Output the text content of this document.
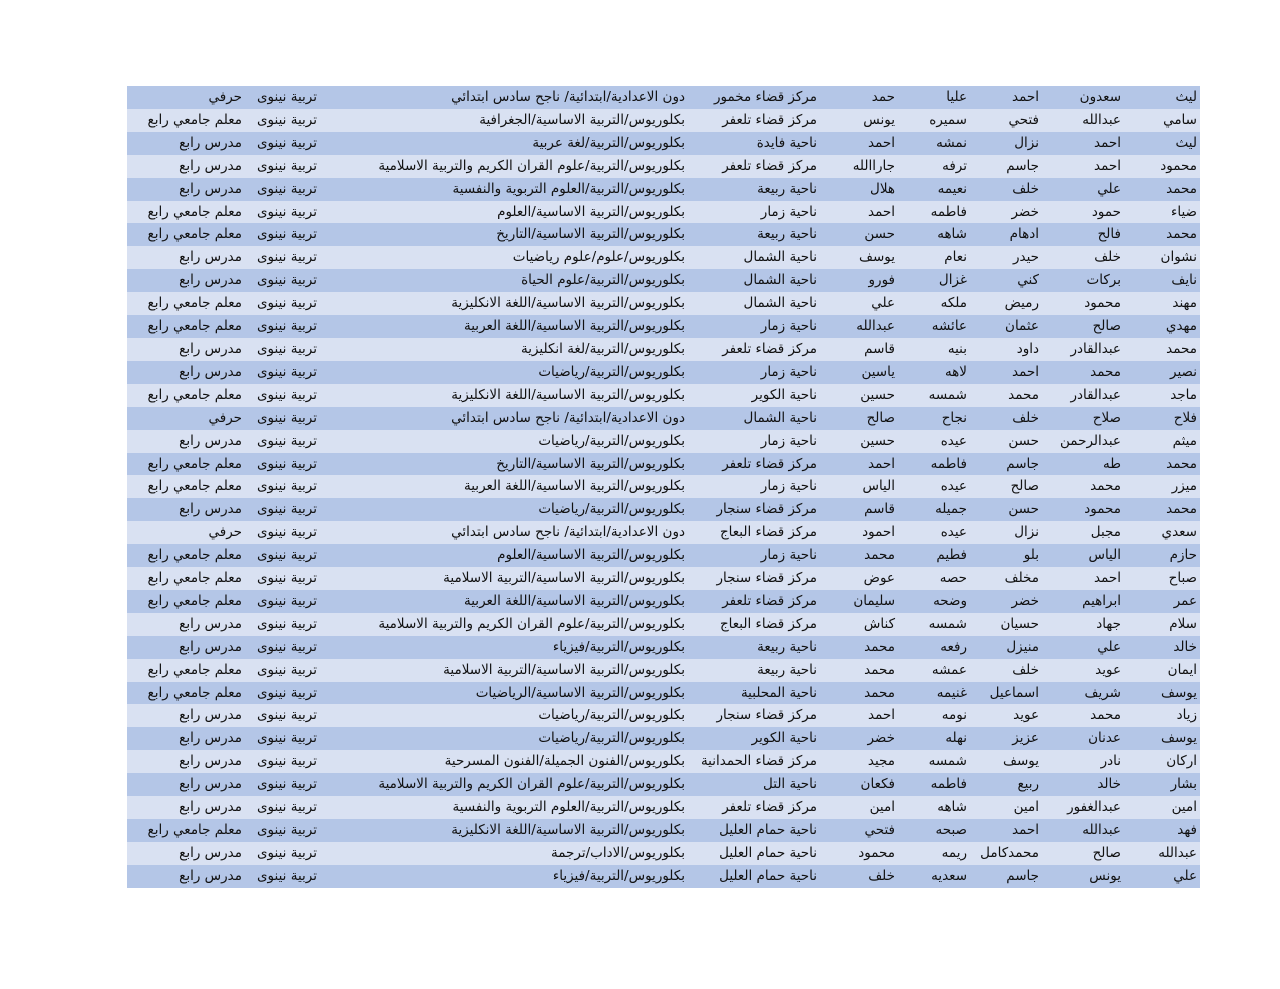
ليث	سعدون	احمد	عليا	حمد	مركز قضاء مخمور	دون الاعدادية/ابتدائية/ ناجح سادس ابتدائي	تربية نينوى	حرفي
سامي	عبدالله	فتحي	سميره	يونس	مركز قضاء تلعفر	بكلوريوس/التربية الاساسية/الجغرافية	تربية نينوى	معلم جامعي رابع
ليث	احمد	نزال	نمشه	احمد	ناحية فايدة	بكلوريوس/التربية/لغة عربية	تربية نينوى	مدرس رابع
محمود	احمد	جاسم	ترفه	جاراالله	مركز قضاء تلعفر	بكلوريوس/التربية/علوم القران الكريم والتربية الاسلامية	تربية نينوى	مدرس رابع
محمد	علي	خلف	نعيمه	هلال	ناحية ربيعة	بكلوريوس/التربية/العلوم التربوية والنفسية	تربية نينوى	مدرس رابع
ضياء	حمود	خضر	فاطمه	احمد	ناحية زمار	بكلوريوس/التربية الاساسية/العلوم	تربية نينوى	معلم جامعي رابع
محمد	فالح	ادهام	شاهه	حسن	ناحية ربيعة	بكلوريوس/التربية الاساسية/التاريخ	تربية نينوى	معلم جامعي رابع
نشوان	خلف	حيدر	نعام	يوسف	ناحية الشمال	بكلوريوس/علوم/علوم رياضيات	تربية نينوى	مدرس رابع
نايف	بركات	كني	غزال	فورو	ناحية الشمال	بكلوريوس/التربية/علوم الحياة	تربية نينوى	مدرس رابع
مهند	محمود	رميض	ملكه	علي	ناحية الشمال	بكلوريوس/التربية الاساسية/اللغة الانكليزية	تربية نينوى	معلم جامعي رابع
مهدي	صالح	عثمان	عائشه	عبدالله	ناحية زمار	بكلوريوس/التربية الاساسية/اللغة العربية	تربية نينوى	معلم جامعي رابع
محمد	عبدالقادر	داود	بنيه	قاسم	مركز قضاء تلعفر	بكلوريوس/التربية/لغة انكليزية	تربية نينوى	مدرس رابع
نصير	محمد	احمد	لاهه	ياسين	ناحية زمار	بكلوريوس/التربية/رياضيات	تربية نينوى	مدرس رابع
ماجد	عبدالقادر	محمد	شمسه	حسين	ناحية الكوير	بكلوريوس/التربية الاساسية/اللغة الانكليزية	تربية نينوى	معلم جامعي رابع
فلاح	صلاح	خلف	نجاح	صالح	ناحية الشمال	دون الاعدادية/ابتدائية/ ناجح سادس ابتدائي	تربية نينوى	حرفي
ميثم	عبدالرحمن	حسن	عيده	حسين	ناحية زمار	بكلوريوس/التربية/رياضيات	تربية نينوى	مدرس رابع
محمد	طه	جاسم	فاطمه	احمد	مركز قضاء تلعفر	بكلوريوس/التربية الاساسية/التاريخ	تربية نينوى	معلم جامعي رابع
ميزر	محمد	صالح	عيده	الياس	ناحية زمار	بكلوريوس/التربية الاساسية/اللغة العربية	تربية نينوى	معلم جامعي رابع
محمد	محمود	حسن	جميله	قاسم	مركز قضاء سنجار	بكلوريوس/التربية/رياضيات	تربية نينوى	مدرس رابع
سعدي	مجبل	نزال	عيده	احمود	مركز قضاء البعاج	دون الاعدادية/ابتدائية/ ناجح سادس ابتدائي	تربية نينوى	حرفي
حازم	الياس	بلو	فطيم	محمد	ناحية زمار	بكلوريوس/التربية الاساسية/العلوم	تربية نينوى	معلم جامعي رابع
صباح	احمد	مخلف	حصه	عوض	مركز قضاء سنجار	بكلوريوس/التربية الاساسية/التربية الاسلامية	تربية نينوى	معلم جامعي رابع
عمر	ابراهيم	خضر	وضحه	سليمان	مركز قضاء تلعفر	بكلوريوس/التربية الاساسية/اللغة العربية	تربية نينوى	معلم جامعي رابع
سلام	جهاد	حسيان	شمسه	كناش	مركز قضاء البعاج	بكلوريوس/التربية/علوم القران الكريم والتربية الاسلامية	تربية نينوى	مدرس رابع
خالد	علي	منيزل	رفعه	محمد	ناحية ربيعة	بكلوريوس/التربية/فيزياء	تربية نينوى	مدرس رابع
ايمان	عويد	خلف	عمشه	محمد	ناحية ربيعة	بكلوريوس/التربية الاساسية/التربية الاسلامية	تربية نينوى	معلم جامعي رابع
يوسف	شريف	اسماعيل	غنيمه	محمد	ناحية المحلبية	بكلوريوس/التربية الاساسية/الرياضيات	تربية نينوى	معلم جامعي رابع
زياد	محمد	عويد	نومه	احمد	مركز قضاء سنجار	بكلوريوس/التربية/رياضيات	تربية نينوى	مدرس رابع
يوسف	عدنان	عزيز	نهله	خضر	ناحية الكوير	بكلوريوس/التربية/رياضيات	تربية نينوى	مدرس رابع
اركان	نادر	يوسف	شمسه	مجيد	مركز قضاء الحمدانية	بكلوريوس/الفنون الجميلة/الفنون المسرحية	تربية نينوى	مدرس رابع
بشار	خالد	ربيع	فاطمه	فكعان	ناحية التل	بكلوريوس/التربية/علوم القران الكريم والتربية الاسلامية	تربية نينوى	مدرس رابع
امين	عبدالغفور	امين	شاهه	امين	مركز قضاء تلعفر	بكلوريوس/التربية/العلوم التربوية والنفسية	تربية نينوى	مدرس رابع
فهد	عبدالله	احمد	صبحه	فتحي	ناحية حمام العليل	بكلوريوس/التربية الاساسية/اللغة الانكليزية	تربية نينوى	معلم جامعي رابع
عبدالله	صالح	محمدكامل	ريمه	محمود	ناحية حمام العليل	بكلوريوس/الاداب/ترجمة	تربية نينوى	مدرس رابع
علي	يونس	جاسم	سعديه	خلف	ناحية حمام العليل	بكلوريوس/التربية/فيزياء	تربية نينوى	مدرس رابع
